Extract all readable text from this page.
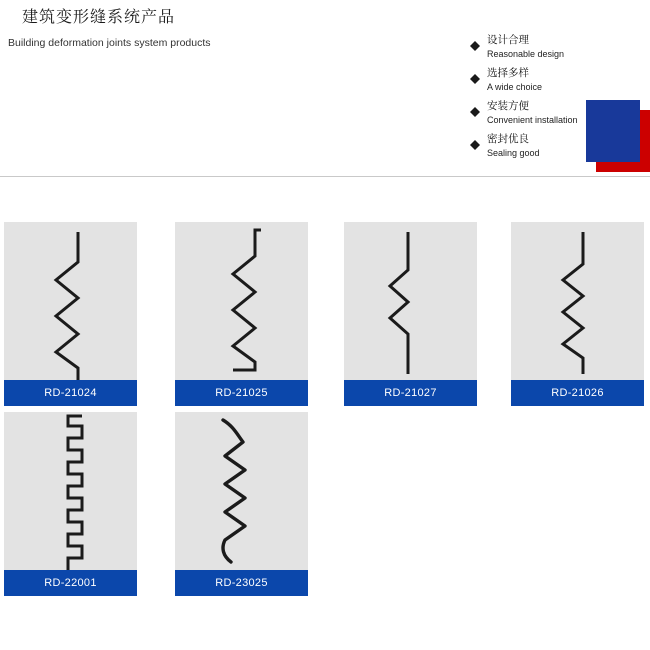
建筑变形缝系统产品
Building deformation joints system products	设计合理
Reasonable design
选择多样
A wide choice
安装方便
Convenient installation
密封优良
Sealing good
RD-21024	RD-21025	RD-21027	RD-21026
RD-22001	RD-23025
